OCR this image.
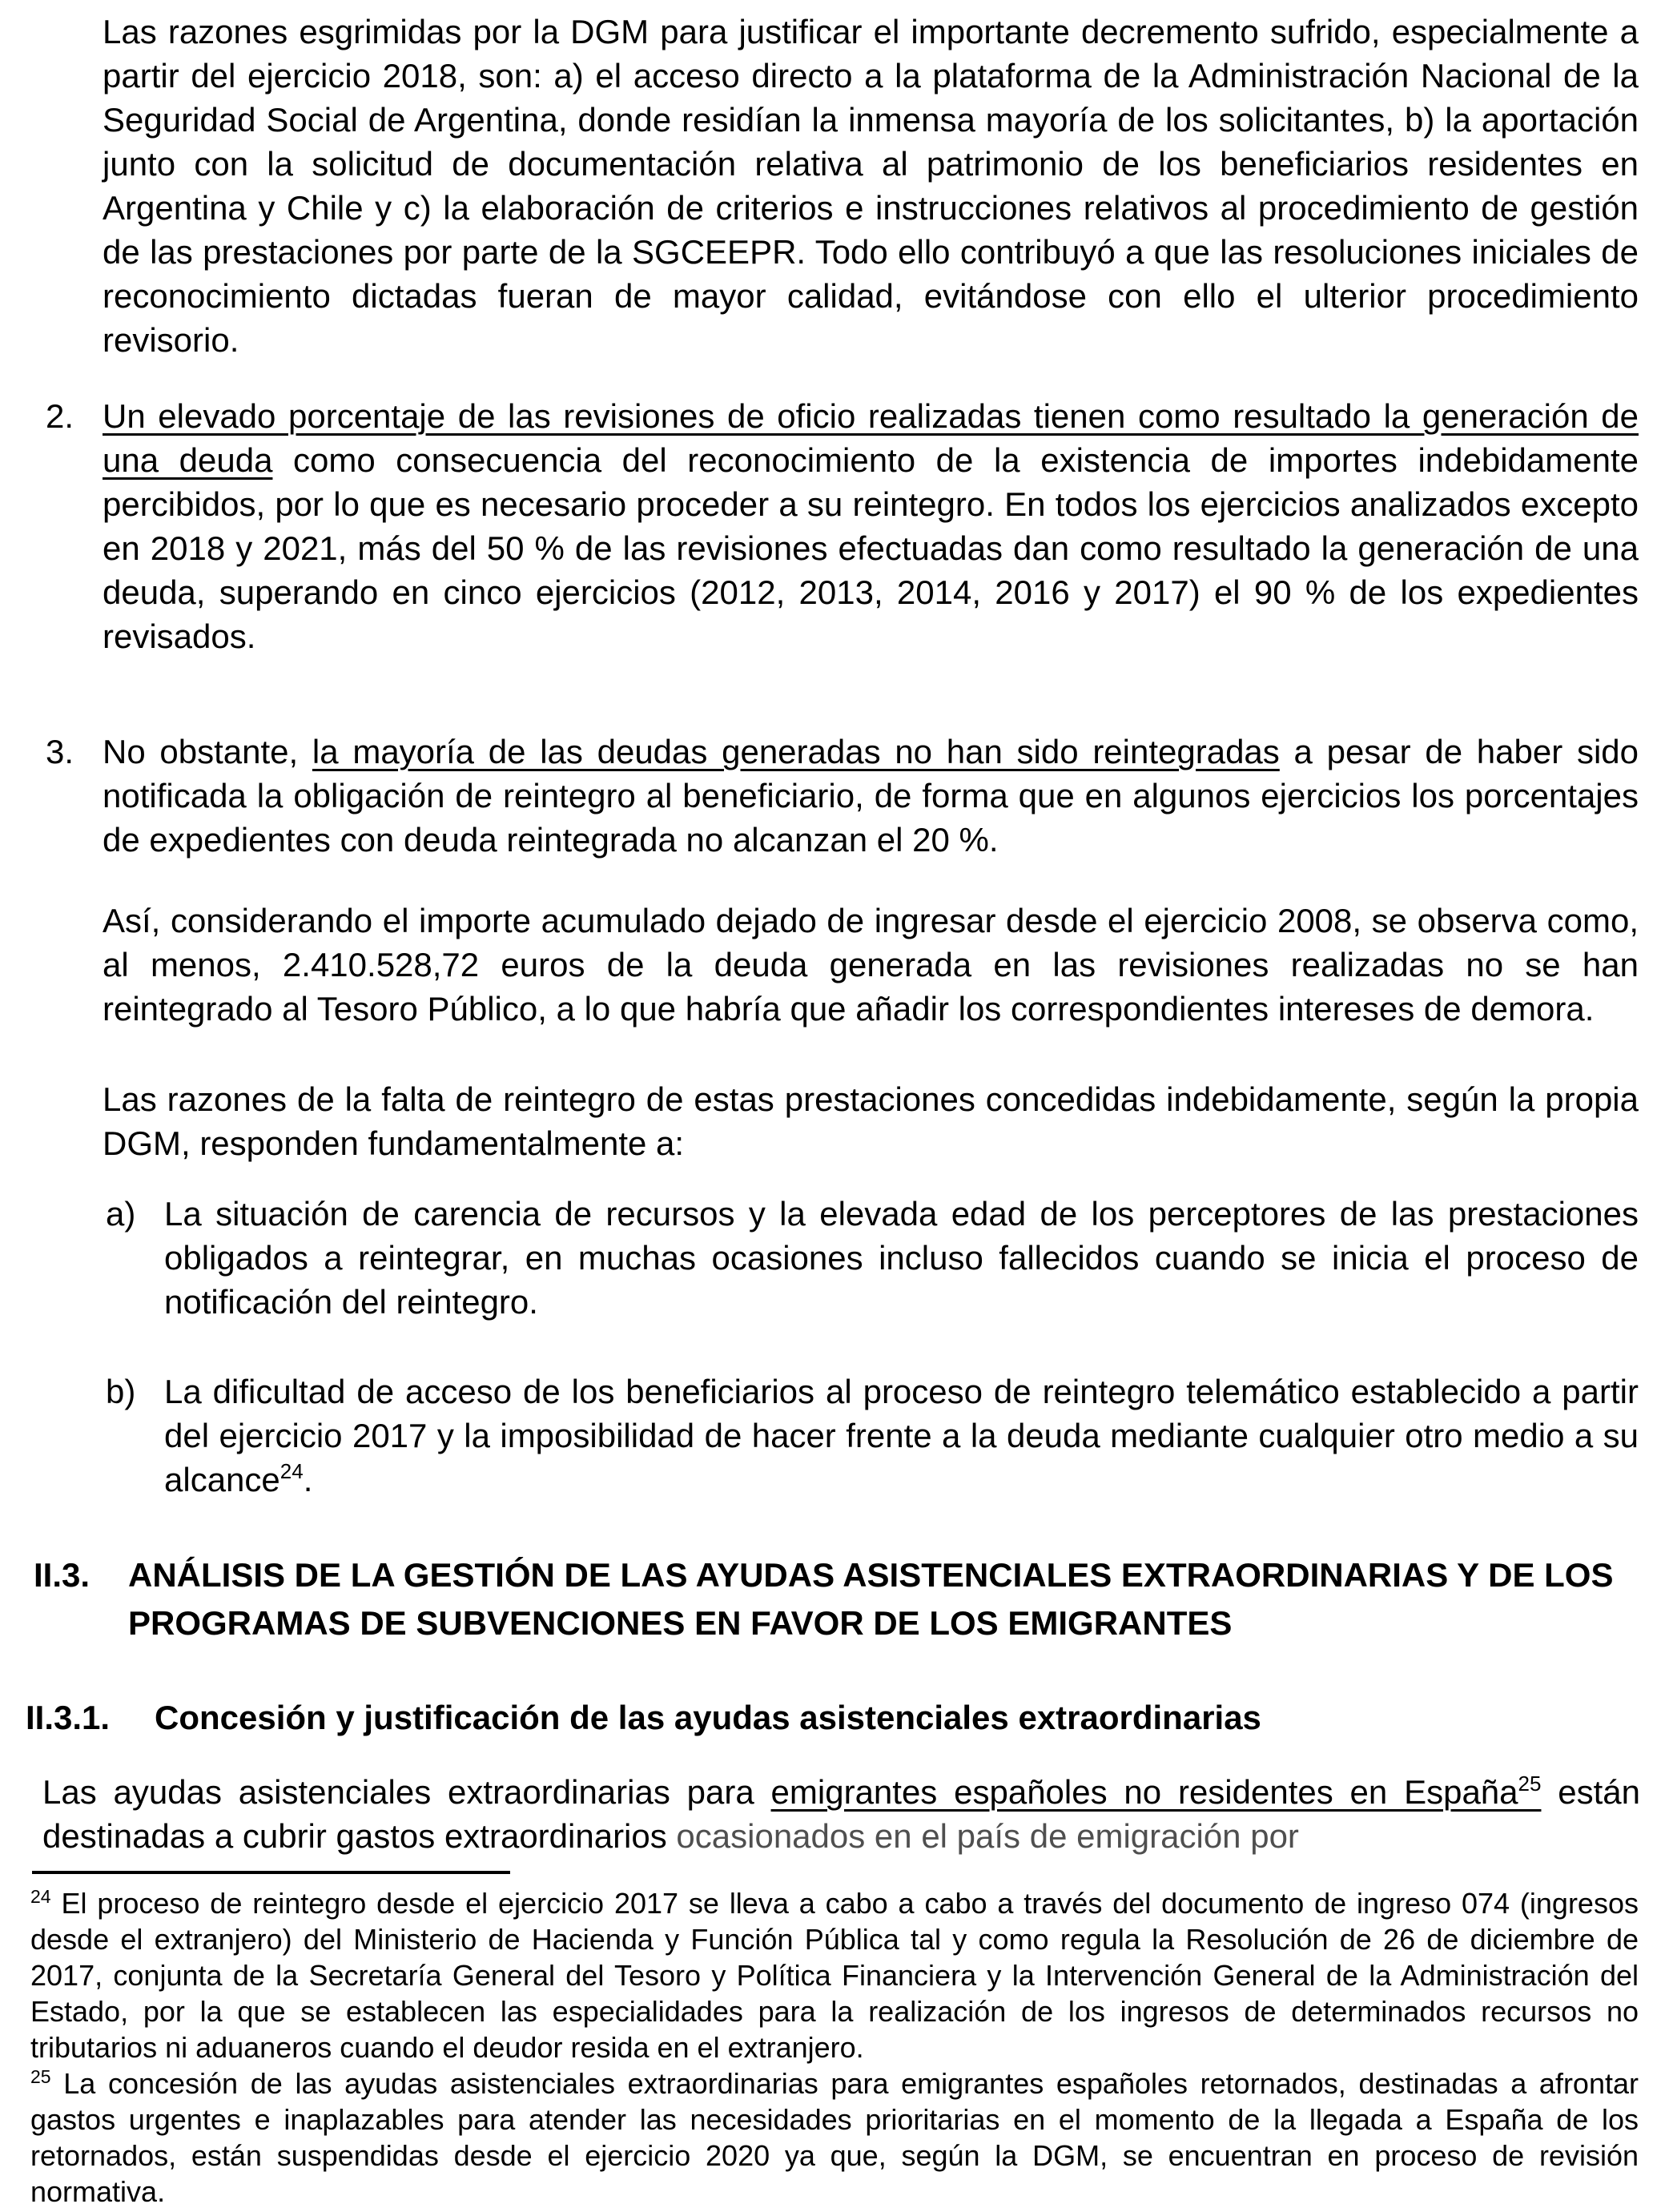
Las razones esgrimidas por la DGM para justificar el importante decremento sufrido, especialmente a partir del ejercicio 2018, son: a) el acceso directo a la plataforma de la Administración Nacional de la Seguridad Social de Argentina, donde residían la inmensa mayoría de los solicitantes, b) la aportación junto con la solicitud de documentación relativa al patrimonio de los beneficiarios residentes en Argentina y Chile y c) la elaboración de criterios e instrucciones relativos al procedimiento de gestión de las prestaciones por parte de la SGCEEPR. Todo ello contribuyó a que las resoluciones iniciales de reconocimiento dictadas fueran de mayor calidad, evitándose con ello el ulterior procedimiento revisorio.

2. Un elevado porcentaje de las revisiones de oficio realizadas tienen como resultado la generación de una deuda como consecuencia del reconocimiento de la existencia de importes indebidamente percibidos, por lo que es necesario proceder a su reintegro. En todos los ejercicios analizados excepto en 2018 y 2021, más del 50 % de las revisiones efectuadas dan como resultado la generación de una deuda, superando en cinco ejercicios (2012, 2013, 2014, 2016 y 2017) el 90 % de los expedientes revisados.
3. No obstante, la mayoría de las deudas generadas no han sido reintegradas a pesar de haber sido notificada la obligación de reintegro al beneficiario, de forma que en algunos ejercicios los porcentajes de expedientes con deuda reintegrada no alcanzan el 20 %.

Así, considerando el importe acumulado dejado de ingresar desde el ejercicio 2008, se observa como, al menos, 2.410.528,72 euros de la deuda generada en las revisiones realizadas no se han reintegrado al Tesoro Público, a lo que habría que añadir los correspondientes intereses de demora.

Las razones de la falta de reintegro de estas prestaciones concedidas indebidamente, según la propia DGM, responden fundamentalmente a:

a) La situación de carencia de recursos y la elevada edad de los perceptores de las prestaciones obligados a reintegrar, en muchas ocasiones incluso fallecidos cuando se inicia el proceso de notificación del reintegro.
b) La dificultad de acceso de los beneficiarios al proceso de reintegro telemático establecido a partir del ejercicio 2017 y la imposibilidad de hacer frente a la deuda mediante cualquier otro medio a su alcance$^{24}$.
II.3. ANÁLISIS DE LA GESTIÓN DE LAS AYUDAS ASISTENCIALES EXTRAORDINARIAS Y DE LOS PROGRAMAS DE SUBVENCIONES EN FAVOR DE LOS EMIGRANTES
II.3.1. Concesión y justificación de las ayudas asistenciales extraordinarias

Las ayudas asistenciales extraordinarias para emigrantes españoles no residentes en España$^{25}$ están destinadas a cubrir gastos extraordinarios ocasionados en el país de emigración por

$^{24}$ El proceso de reintegro desde el ejercicio 2017 se lleva a cabo a cabo a través del documento de ingreso 074 (ingresos desde el extranjero) del Ministerio de Hacienda y Función Pública tal y como regula la Resolución de 26 de diciembre de 2017, conjunta de la Secretaría General del Tesoro y Política Financiera y la Intervención General de la Administración del Estado, por la que se establecen las especialidades para la realización de los ingresos de determinados recursos no tributarios ni aduaneros cuando el deudor resida en el extranjero.
$^{25}$ La concesión de las ayudas asistenciales extraordinarias para emigrantes españoles retornados, destinadas a afrontar gastos urgentes e inaplazables para atender las necesidades prioritarias en el momento de la llegada a España de los retornados, están suspendidas desde el ejercicio 2020 ya que, según la DGM, se encuentran en proceso de revisión normativa.
